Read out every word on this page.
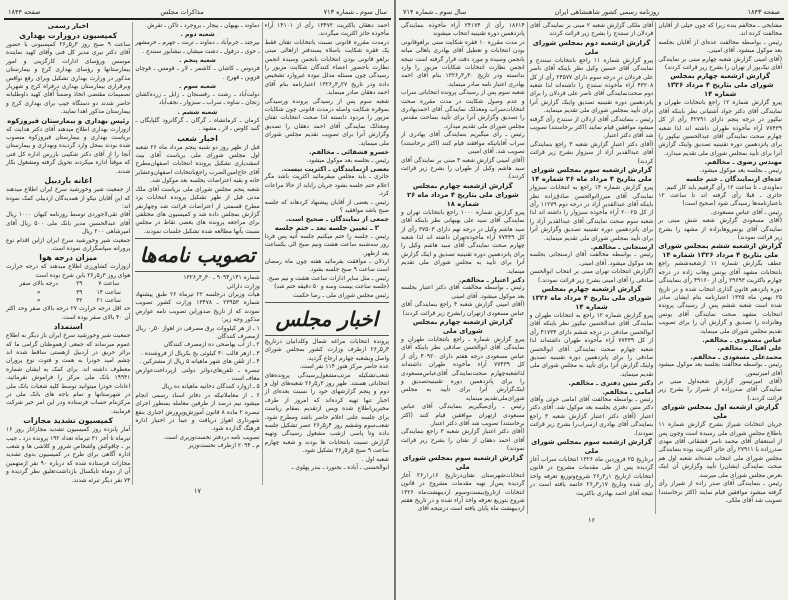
صفحه ۱۸۴۴	مذاکرات مجلس	سال سوم ـ شماره ۷۱۳

احمد دهقان باکثریت ۱۳۴۷۲ رأی از ۱۴۱۰۱ آراء مأخوذه حائز اکثریت میگردند.

درمدت مقرره قانونی نسبت بانتخابات تفتان فقط یک فقره شکایت باصلاه یسندفنر ازاهالی مبنی برلغو قانونی بودن انتخابات بانجمن وسیده انجمن نظارت باحضور اعضاء کنندگان شکایت مزبور را رسیدگی چون مسئله مدلل نبوده غیروارد تشخیص داده ودر تاریخ ۲۷ر۳ر۱۳۲۶ اعتبارنامه بنام آقای احمد دهقان صادر مینماید.

شعبه سوم پس از رسیدگی پرونده ورسیدگی بموقره شکایت واصله درمدت قانونی چون شکایات مزبور را مردود دانسته لذا صحت انتخابات تفتان ومعذلک نمایندگی آقای احمد دهقان را تصدیق وگزارش آنرا برای تصویب تقدیم مجلس شورای ملی مینماید.

خسرو قشقائی ـ مخالفم.

رئیس ـ بجلسه بعد موکول میشود.

بعضی ازنمایندگان ـ اکثریت نیست.

حائری ـ باید مجلس میفرمائید اکثریت باشد مگر اعلام ختم جلسه بشود جریان راباید از حالا مراعات کرد.

رئیس ـ بعضی از آقایان پیشنهاد کردهاند که جلسه صبح باشد موافقید ؟

جمعی از نمایندگان ـ صحیح است.

۳ ـ تعیین جلسه بعد ـ ختم جلسه

رئیس ـ جلسه را ختم میکنیم جلسه آتیه پس فردا روز سه‌شنبه ساعت هشت ونیم صبح الی یکساعت بعد ازظهر.

اردلان ـ موافقت بفرمائید هفته چون ماه رمضان است ساعت ۹ صبح جلسه بشود.

رئیس ـ مثل سایر ادارات ساعت هشت و نیم صبح.

(جلسه ساعت بیست وسه و ۵۰ دقیقه ختم شد)

رئیس مجلس شورای ملی ـ رضا حکمت

اخبار مجلس

پرونده انتخابات مراغه شمال وکلدانیان درتاریخ ۳ر۵ر۲۶ ازطرف وزارت کشور بمجلس شورای واصل وبشعبه چهارم ارجاع گردید.

عده حاضر مرکز هنوز ۱۱۴ نفر است.

شعب‌تشکیله مرتب‌مشغول‌رسیدگی پرونده‌های انتخاباتی هستند. ظهر روز ۳ر۵ر۲۶ شعبه‌های اول و دوم و پنجم گزارشهای خود را نسبت بعده‌ای از اخبار تنها تهیه کرده‌اند که امروز از طرف مخبرین‌اطلاع شده وپس ازتقدیم بمقام ریاست برای جلسه علنی اعلام حاضر باشد ومطرح شود. شعب‌سوم وششم روز ۴ر۵ر۲۶ عصر تشکیل جلسه داده وتا پاسی ازشب مشغول رسیدگی وتهیه گزارش نسبت بانتخابات ها بودند و شعبه چهارم ساعت ۹ صبح ۵ر۵ر۲۶ تشکیل شود.

شعبه اول .

ابوالحسنی ـ آباده ـ بجنورد ـ بندر پهلوی ـ

دماوند ـ بهبهان ـ بیجار ـ بروجرد ـ تاکن ـ تفرش

شعبه دوم .

بیرجند ـ خرم‌آباد ـ دماوند ـ تربت ـ جهرم ـ خرمشهر ـ خوی ـ دزفول ـ دشت میشان ـ نیشابور سنندج .

شعبه پنجم .

فردوس ـ کاشان ـ کاشمر ـ لار ـ قومس ـ قوچان قزوین ـ قهرج .

شعبه سوم .

دولت‌آباد ـ رشت ـ رفسنجان ـ زابل ـ زرده‌کشان زنجان ـ ساوه ـ سراب ـ سبزوار ـ نجف‌آباد

شعبه ششم .

کرمان ـ کرمانشاه ـ گرگان ـ گرگانرود گلپایگان ـ گنبد کاوس ـ لار ـ مشهد .

اخبار شعب

قبل از ظهر روز دو شنبه پنجم مرداد ماه ۲۶ شعبه اول مجلس شورای ملی بریاست آقای بیت اسفندیاری تشکیل پرونده انتخابات اصفهان‌مطرح آقای حاج‌امین‌الضرب راجع‌بانتخابات اصفهان‌وعشایر خانه و بقیه اعتراضات بجلسه بعد موکول شد.

شعبه پنجم مجلس شورای ملی بریاست آقای ملک مدنی قبل از ظهر تشکیل پرونده انتخابات یزد مطرح قسمتی از اعتراضات قرائت شد وچهارنفر گزارش بمجلس داده شد و کمیسیون های مختلفی برای مراجعه پرونده های بعضی نقاط در مجلس نسبت بآنها مطالعه شده تشکیل جلسات نمودند.

تصویب نامه‌ها

شماره ۱۴۱ر۹۰۹۴ ـ ۳۰ر۴ر۱۳۲۶

وزارت دارائی

هیأت وزیران درجلسه ۲۲ تیرماه ۲۶ طبق پیشنهاد شماره ۲۳۹۵۳ ـ ۱۳۴۷۸ وزارت کشور تصویب نمودند که از تاریخ صدوراین تصویب نامه عوارض مذکور وجه زیر:

۱ ـ از هر کیلووات برق مصرفی در اهواز ۵۰ر۰ ریال ازمصرف کنندگان

۲ ـ از آب بهاصحی ده ازمصرف کنندگان

۳ ـ ازهر قالب ۳۰ کیلوئی یخ یکریال از فروشنده .

۴ ـ از تلفن های شهر ماهیانه ۵ ریال از مشترکین .

تبصره ـ تلفن‌های‌دوائر دولتی ازپرداخت‌عوارض معاف است .

۵ ـ ازوارد کنندگان دخانیه ماهیانه ده ریال

۶ ـ از معاملاتیکه در دفاتر اسناد رسمی انجام میشود نیم درصد از طرفین معامله بمنظور اجرای تبصره ۲ ماده ۸ قانون آموزش‌وپرورش اجباری بنفع شهرداری اهواز دریافت و عیناً در اختیار اداره فرهنگ گذارده شود.

تصویب نامه دردفتر نخست‌وزیری است.

م ـ ۲۰۹۴ ازطرف نخست‌وزیر

اخبار رسمی
کمیسیون دروزارت بهداری

ساعت ۹ صبح روز ۳ر۵ر۲۶ کمیسیونی با حضور آقای دکتر نیری مدیر کل فنی وآقای کهید نماینده موسس ورؤسای ادارات کارگزینی و امور بیمارستانها و رؤسای بهداری کرج و بیمارستان مذکور در وزارت بهداری تشکیل وبرای رفع نواقص وبرقراری بیمارستان بهداری درفراه کرج و شهریار تصمیمات مقتضی اتخاذ وضمناً آقای کهید داوطلبانه حاضر شدند دو دستگاه جیپ برای بهداری کرج و بیمارستان مذکور اهدا نمایند.

رئیس بهداری و بیمارستان فیروزکوه

ازوزارت بهداری اطلاع میدهند آقای دکتر هدایت که بریاست بهداری و بیمارستان فیروزکوه منصوب شده بودند بمحل وارد گردیده وبهداری و بیمارستان آنجا را از آقای دکتر شکیبی بازرس اداره کل فنی که موقتاً اداره میکردند تحویل گرفته ومشغول بکار شدند.

اعانه باردبیل

از جمعیت شیر وخورشید سرخ ایران اطلاع میدهند که این آقایان نیکو از همدیدگان اردبیلی کمک نموده اند:

آقای تقی‌لاجوردی توسط روزنامه کیهان ۱۰۰۰ ریال آقای عبدالحسین مدیر بانک ملی ۵۰۰ ریال آقای امیرشاهی ۲۰۰ ریال

جمعیت شیر وخورشید سرخ ایران ازاین اقدام نوع پرورانه سپاسگزاری نموده است.

میزان درجه هوا

ازوزارت کشاورزی اطلاع میدهند که درجه حرارت هوای روز ۳ر۵ر۲۶ باین شرح بوده است

ساعت ۷	۲۹	درجه بالای صفر
ساعت ۱۴	۳۹	«
ساعت ۲۱	۳۲	«

حد اقل درجه حرارت ۲۷ درجه بالای صفر وحد اکثر آن ۴۰ بالای صفر بوده است.

استمداد

جمعیت شیر وخورشید سرخ ایران باز دیگر به اطلاع عموم میرساند که جمعی ازهموطنان گرامی ما که براثر حریق در اردبیل ازهستی ساقط شده اند چشم امید خودرا به همت و فتوت نوع پروران معطوف داشته اند. برای کمک به ایشان شماره ۱۹۹۴۱ بانک ملی مرکز را فراموش نفرمائید. اعانات خودرا میتوانید توسط کلیه شعبات بانک ملی در شهرستانها و تمام باجه های بانک ملی در مرکزبنام حساب فرستاده ودر این امر خیر شرکت فرمایند.

کمیسیون تشدید مجازات

آمار پانزده روز کمیسیون تشدید مجازاتاز روز ۱۶ تیرماه تا آخر ۳۱ تیرماه تعداد ۱۹۲ پرونده دزد ـ جیب بر ـ چاقوکش واشخاص شرور و کلاشی ها و شعب اداره آگاهی برای طرح در کمیسیون بدوی تشدید مجازات فرستاده شده که درباره ۹۰ نفر ازمتهمین آن از دوماه تایکسال بازداشت‌تعلیق نظر گردیده و ۷۴ نفر دیگر تبرئه شدند.

۱۷
سال سوم ـ شماره ۷۱۴	روزنامه رسمی کشور شاهنشاهی ایران	صفحه ۱۸۴۳

مشایخی ـ مخالفم بنده زیرا که چون خیلی از آقایان مخالفت کرده اند.

رئیس ـ بواسطه مخالفت عده‌ای از آقایان بجلسه بعد موکول میشود. آقای امینی.

(آقای امینی گزارش شعبه چهارم مبنی بر نمایندگی آقای نیک‌پور از تهران را بشرح زیر قرائت کردند)

گزارش ازشعبه چهارم بمجلس شورای ملی بتاریخ ۴ مرداد ۱۳۲۶ شماره ۱۴

پیرو گزارش شماره ۱۲ راجع بانتخابات طهران و نمایندگی آقای دکتر جواد آشتیانی نظر باینکه آقای نیکپور در درجه پنجم دارای ۴۲۷۹۱ رأی از کل ۷۷۴۳۹ آراء مأخوذه طهران داشته اند لذا شعبه چهارم صحت نمایندگی آقای عبدالحسین نیکپور را برای پانزدهمین دوره تقنینیه تصدیق واینک گزارش آنرا برای تأیید بمجلس شورای ملی تقدیم میدارد.

مهندس رضوی ـ مخالفم.

رئیس ـ بجلسه بعد موکول میشود.

عده‌ای ازنمایندگان ـ ختم جلسه

دماوندی ـ تا ساعت ۱۲ رأی گرفتیم باید کار کنیم.

حائری ـ قبلا رأی گرفته اند تا ساعت ۱۲ باعتبارنامه‌ها رسیدگی شود (صحیح است)

رئیس ـ آقای عباس مسعودی.

(آقای مسعودی گزارش شعبه شش مبنی بر نمایندگی آقای یونس‌وهابزاده از مشهد را بشرح زیر قرائت نمودند)

گزارش ازشعبه ششم بمجلس شورای ملی بتاریخ ۴ مرداد ۱۳۲۶ شماره ۱۴

عطف بگزارش شماره ۱۱ ازشعبه‌ششم راجع بانتخابات مشهد آقای یونس وهاب زاده در درجه چهارم باکثریت ۲۹۶۹۳ رأی از ۴۹۱۶۰ رأی بنمایندگی دوره پانزدهم قانون گذاری انتخاب شده و در تاریخ ۲۵ بهمن ماه ۱۳۲۵ اعتبارنامه بنام ایشان صادر شده است شعبه ششم پس از رسیدگی پرونده انتخابات مشهد صحت نمایندگی آقای یونس وهابزاده را تصدیق و گزارش آن را برای تصویب تقدیم مجلس شورای ملی مینماید.

عباس مسعودی ـ مخالفم.

علی اقبال ـ مخالفم.

محمدعلی مسعودی ـ مخالفم.

رئیس ـ بواسطه مخالفت بجلسه بعد موکول میشود آقای امیرتیمور.

(آقای امیرتیمور گزارش شعبه‌اول مبنی بر نمایندگی آقای صدرزاده از شیراز را بشرح زیر قرائت کردند.)

گزارش ازشعبه اول بمجلس شورای ملی

جریان انتخابات شیراز بشرح گزارش شماره ۱۱ باطلاع مجلس شورای ملی رسیده است وچون پس از استعفای آقای محمد ناصر قشقائی آقای مهدی صدرزاده با ۲۷۹۱۱ رأی حائز اکثریت بوده بنمایندگی مجلس شورای ملی انتخاب شده‌اند شعبه اول هم صحت نمایندگی ایشان‌را تأیید وگزارش آن اینک بعرض مجلس شورای ملی میرسد.

رئیس ـ بنمایندگی آقای صدر زاده از شیراز رأی گرفته میشود موافقین قیام نمایند (اکثر برخاستند) تصویب شد آقای ملکی.

آقای ملکی گزارش شعبه ۲ مبنی بر نمایندگی آقای فردلان از سنندج را بشرح زیر قرائت کردند

گزارش ازشعبه دوم بمجلس شورای ملی

پیرو گزارش شماره ۱۱ راجع بانتخابات سنندج و نمایندگی آقای حسین وکیل نظر باینکه آقای ناصر علی فردلان در درجه سوم دارای ۲۴۵۷۷ رأی از کل ۴۳۲۰۸ آراء مأخوذه سنندج را داشته‌اند لذا شعبه دوم صحت‌نمایندگی آقای ناصر علی فردلان را برای پانزدهمین دوره تقنینیه تصدیق واینک گزارش آنرا برای تأیید بمجلس شورای ملی تقدیم مینماید.

رئیس ـ بنمایندگی آقای اردلان از سنندج رأی گرفته میشود موافقین قیام نمایند (اکثر برخاستند) تصویب شد آقای دکتر اعتبار.

(آقای دکتر اعتبار گزارش شعبه ۳ راجع بنمایندگی آقای عبدالقدیر آزاد از سبزوار بشرح زیر قرائت کردند)

گزارش ازشعبه سوم بمجلس شورای ملی بتاریخ ۴ مرداد ماه ۲۶ شماره ۱۴

پیرو گزارش شماره ۱۴ راجع به انتخابات سبزوار نمایندگی آقای میرزاابوالحسن صادق‌زاده نظر باینکه آقای عبدالقدیر آزاد در درجه دوم ۱۱۲۷۹ رأی از کل ۲۰۰۲۵ آراء مأخوذه سبزوار را داشته اند لذا شعبه سوم صحت نمایندگی آقای عبدالقدیر آزاد را برای پانزدهمین دوره تقنینیه تصدیق وگزارش آنرا برای تأیید بمجلس شورای ملی تقدیم مینماید.

ارسنجانی ـ مخالفم.

رئیس ـ بواسطه مخالفت آقای ارسنجانی بجلسه بعد موکول میشود. آقای امینی.

(گزارش انتخابات تهران مبنی بر انتخاب ابوالحسن صادقی را آقای امینی بشرح زیر قرائت نمودند.)

گزارش ازشعبه چهارم بمجلس شورای ملی بتاریخ ۴ مرداد ماه ۱۳۲۶ شماره ۱۴

پیرو گزارش شماره ۱۲ راجع به انتخابات طهران و نمایندگی آقای عبدالحسین نیکپور نظر باینکه آقای ابوالحسن صادقی در درجه ششم دارای ۴۱۷۳۴ رأی از کل ۷۷۴۳۹ آراء مأخوذه طهران داشته‌اند لذا شعبه چهارم صحت نمایندگی آقای ابوالحسن صادقی را برای پانزدهمین دوره تقنینیه تصدیق واینک گزارش آنرا برای تأیید به مجلس شورای ملی تقدیم مینماید.

دکتر متین دفتری ـ مخالفم.

امامی ـ مخالفم.

رئیس ـ بواسطه مخالفت آقای امامی خوئی وآقای دکتر متین دفتری بجلسه بعد موکول شد. آقای دکتر اعتبار (آقای دکتر اعتبار گزارش شعبه ۳ راجع بنمایندگی آقای بهادری ازسراب‌را بشرح زیر قرائت نمودند).

گزارش ازشعبه سوم بمجلس شورای ملی

درتاریخ ۲۵ فروردین ماه ۱۳۲۶ انتخابات سراب آغاز گردیده پس از طی مقدمات مشروح در قانون انتخابات ازتاریخ ۱ر۳ر۲۶ شروع‌وتوزیع تعرفه واخذ رأی شده وتاریخ ۱۷ر۳ر۲۶ خاتمه یافته است در نتیجه آقای احمد بهادری باکثریت

۱۸۶۱۴ رأی از ۲۴۱۷۴ آراء مأخوذه بنمایندگی پانزدهمین دوره تقنینیه انتخاب میشوند

در مدت مقرره ۱۰ فقره شکایت مبنی برلغوقانونی بودن انتخابات و تعطیل آقای بهادری باهالی میانه بانجمن وسیده و مورد دقت قرار گرفته است نتیجه انجمن نظارت انتخابات شکایات مزبور را وارد ندانسته ودر تاریخ ۳۰ر۳ر۱۳۲۶ بنام آقای احمد بهادری اعتبار نامه صادر مینماید.

شعبه سوم پس از رسیدگی پرونده انتخاباتی سراب و عدم وصول شکایت در مدت مقرره صحت انتخابات‌سراب ومعذلک نمایندگی آقای احمدبهادری را تصدیق وگزارش آنرا برای تأیید بساحت مقدس مجلس شورای ملی تقدیم میدارد.

رئیس ـ رأی میگیریم بنمایندگی آقای بهادری از سراب آقایانیکه موافقند قیام کنند (اکثر برخاستند) تصویب شد. آقای امینی

(آقای امینی گزارش شعبه ۴ مبنی بر نمایندگی آقای سید هاشم وکیل از طهران را بشرح زیر قرائت کردند).

گزارش ازشعبه چهارم بمجلس شورای ملی بتاریخ ۴ مرداد ماه ۲۶ شماره ۱۸

پیرو گزارش شماره ۱۰۰۰ راجع بانتخابات تهران و نمایندگی آقای سید علی بهبهانی نظر باینکه آقای سید هاشم وکیل در درجه نهم دارای ۳۷۵۰۳ رأی از کل ۷۷۴۳۹ آراء مأخوذه‌تهران داشته اند لذا شعبه چهارم صحت نمایندگی آقای سید هاشم وکیل را برای پانزدهمین دوره تقنینیه تصدیق و اینک گزارش آنرا برای تأیید به مجلس شورای ملی تقدیم مینماید.

دکتر اعتبار ـ مخالفم.

رئیس ـ بواسطه مخالفت آقای دکتر اعتبار بجلسه بعد موکول میشود. آقای امینی

(آقای امینی گزارش شعبه ۴ راجع بنمایندگی آقای عباس مسعودی ازتهران رابشرح زیر قرائت کردند)

گزارش ازشعبه چهارم بمجلس شورای ملی

پیرو گزارش شماره ـ راجع بانتخابات طهران و نمایندگی آقای ابوالحسن صادقی نظر باینکه آقای عباس مسعودی درجه هفتم دارای ۴۰۹۲۰ رأی از کل ۷۷۴۳۹ آراء مأخوذه طهران داشته‌اند لذاشعبه‌چهارم صحت‌نمایندگی آقای‌عباس‌مسعودی را برای پانزدهمین دوره تقنینیه‌تصدیق و اینک‌گزارش آنرا برای تأیید به مجلس شورای‌ملی‌تقدیم مینماید

رئیس ـ رأی‌میگیریم بنمایندگی آقای عباس مسعودی ازتهران موافقین قیام کنند (اکثر برخاستند) تصویب شد آقای دکتر اعتبار.

(آقای دکتر اعتبار گزارش شعبه ۳ راجع بنمایندگی آقای احمد دهقان از تفتان را بشرح زیر قرائت نمودند)

گزارش ازشعبه سوم بمجلس شورای ملی

انتخابات‌شهرستان تفتان‌درتاریخ ۱۶ر۱ر۲۶ آغاز گردیده پس‌از تهیه مقدمات مشروح در قانون انتخابات ازتاریخ‌بیست‌وسوم اردیبهشت‌ماه ۱۳۲۶ شروع بتوزیع تعرفه واخذ آراء شده و در تاریخ هفتم اردیبهشت ماه پایان یافته است درنتیجه آقای

۱۶
